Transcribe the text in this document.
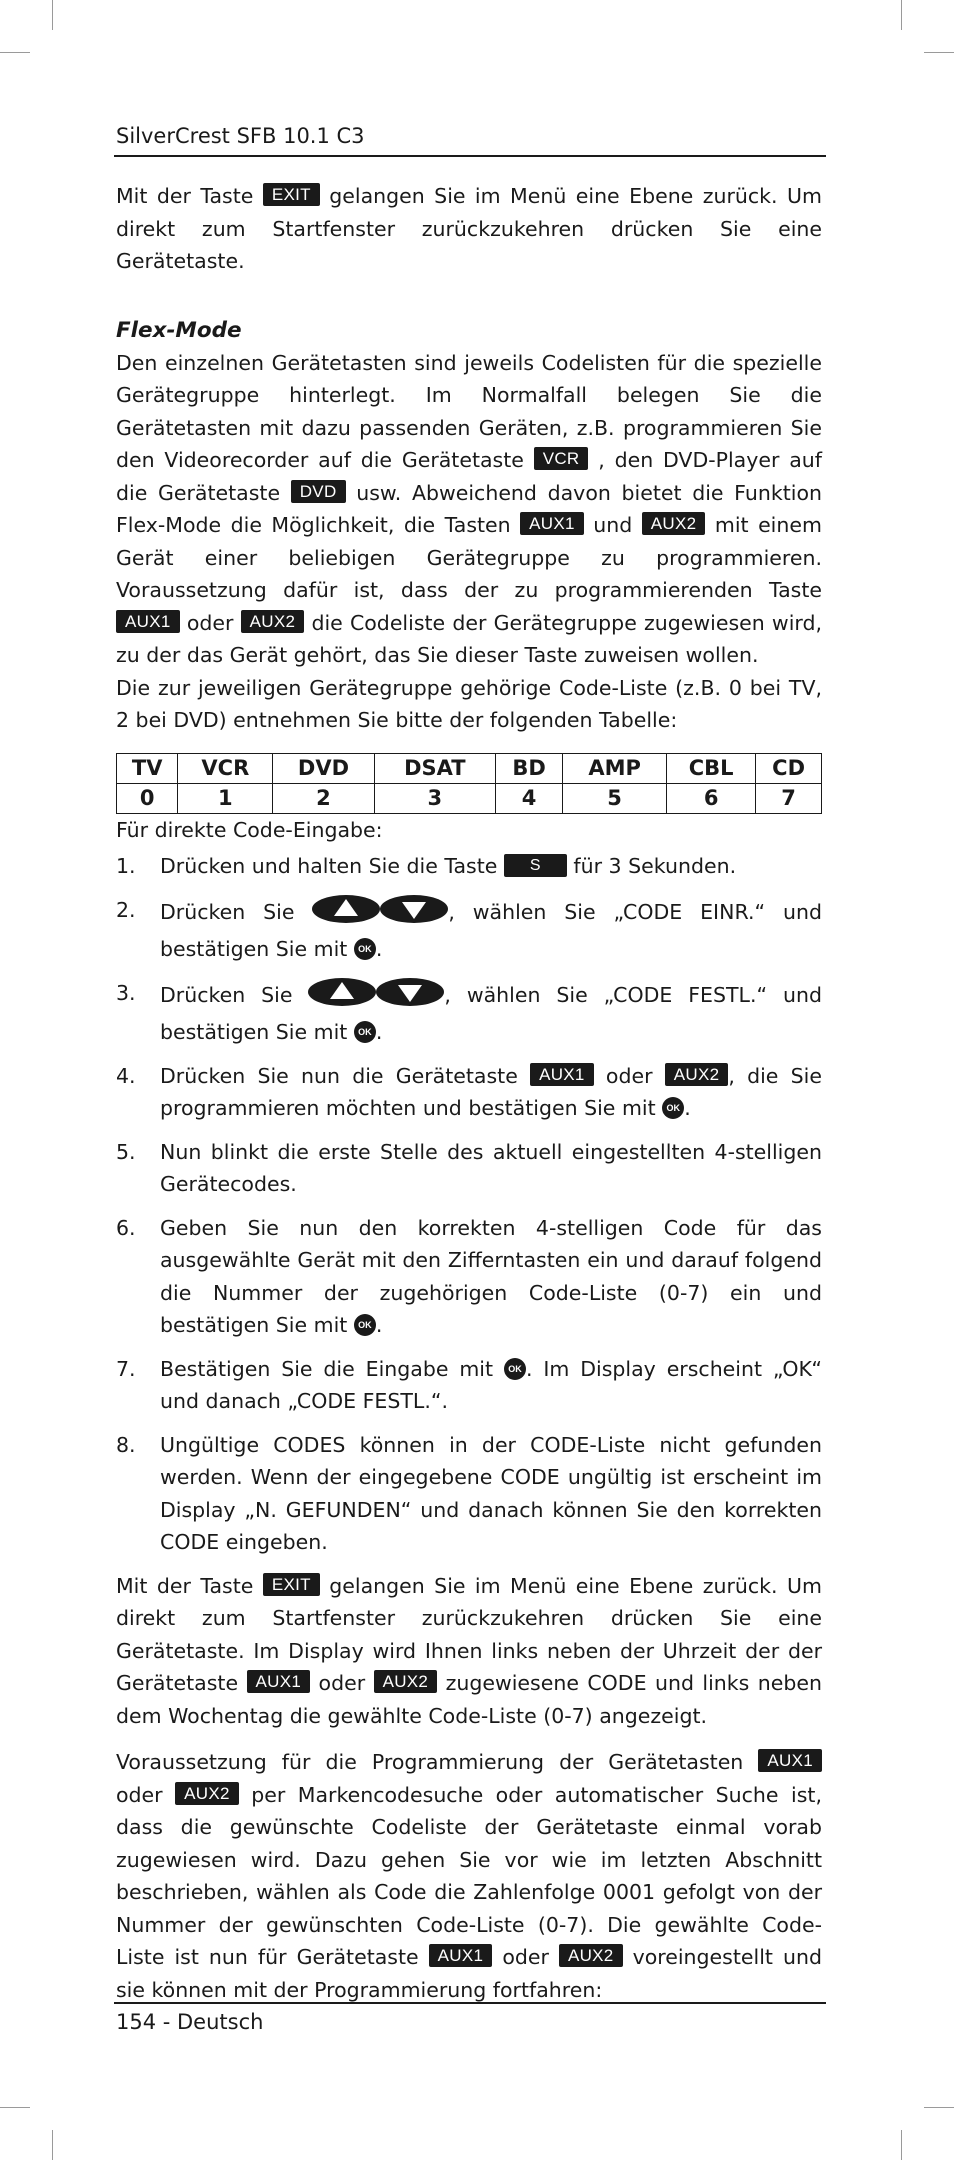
SilverCrest SFB 10.1 C3

Mit der Taste EXIT gelangen Sie im Menü eine Ebene zurück. Um direkt zum Startfenster zurückzukehren drücken Sie eine Gerätetaste.

Flex-Mode

Den einzelnen Gerätetasten sind jeweils Codelisten für die spezielle Gerätegruppe hinterlegt. Im Normalfall belegen Sie die Gerätetasten mit dazu passenden Geräten, z.B. programmieren Sie den Videorecorder auf die Gerätetaste VCR , den DVD-Player auf die Gerätetaste DVD usw. Abweichend davon bietet die Funktion Flex-Mode die Möglichkeit, die Tasten AUX1 und AUX2 mit einem Gerät einer beliebigen Gerätegruppe zu programmieren. Voraussetzung dafür ist, dass der zu programmierenden Taste AUX1 oder AUX2 die Codeliste der Gerätegruppe zugewiesen wird, zu der das Gerät gehört, das Sie dieser Taste zuweisen wollen.

Die zur jeweiligen Gerätegruppe gehörige Code-Liste (z.B. 0 bei TV, 2 bei DVD) entnehmen Sie bitte der folgenden Tabelle:

TV	VCR	DVD	DSAT	BD	AMP	CBL	CD
0	1	2	3	4	5	6	7

Für direkte Code-Eingabe:

1. Drücken und halten Sie die Taste S für 3 Sekunden.
2. Drücken Sie	, wählen Sie „CODE EINR.“ und bestätigen Sie mit OK .
3. Drücken Sie	, wählen Sie „CODE FESTL.“ und bestätigen Sie mit OK .
4. Drücken Sie nun die Gerätetaste AUX1 oder AUX2 , die Sie programmieren möchten und bestätigen Sie mit OK .
5. Nun blinkt die erste Stelle des aktuell eingestellten 4-stelligen Gerätecodes.
6. Geben Sie nun den korrekten 4-stelligen Code für das ausgewählte Gerät mit den Zifferntasten ein und darauf folgend die Nummer der zugehörigen Code-Liste (0-7) ein und bestätigen Sie mit OK .
7. Bestätigen Sie die Eingabe mit OK . Im Display erscheint „OK“ und danach „CODE FESTL.“.
8. Ungültige CODES können in der CODE-Liste nicht gefunden werden. Wenn der eingegebene CODE ungültig ist erscheint im Display „N. GEFUNDEN“ und danach können Sie den korrekten CODE eingeben.

Mit der Taste EXIT gelangen Sie im Menü eine Ebene zurück. Um direkt zum Startfenster zurückzukehren drücken Sie eine Gerätetaste. Im Display wird Ihnen links neben der Uhrzeit der der Gerätetaste AUX1 oder AUX2 zugewiesene CODE und links neben dem Wochentag die gewählte Code-Liste (0-7) angezeigt.

Voraussetzung für die Programmierung der Gerätetasten AUX1 oder AUX2 per Markencodesuche oder automatischer Suche ist, dass die gewünschte Codeliste der Gerätetaste einmal vorab zugewiesen wird. Dazu gehen Sie vor wie im letzten Abschnitt beschrieben, wählen als Code die Zahlenfolge 0001 gefolgt von der Nummer der gewünschten Code-Liste (0-7). Die gewählte Code-Liste ist nun für Gerätetaste AUX1 oder AUX2 voreingestellt und sie können mit der Programmierung fortfahren:

154 - Deutsch
